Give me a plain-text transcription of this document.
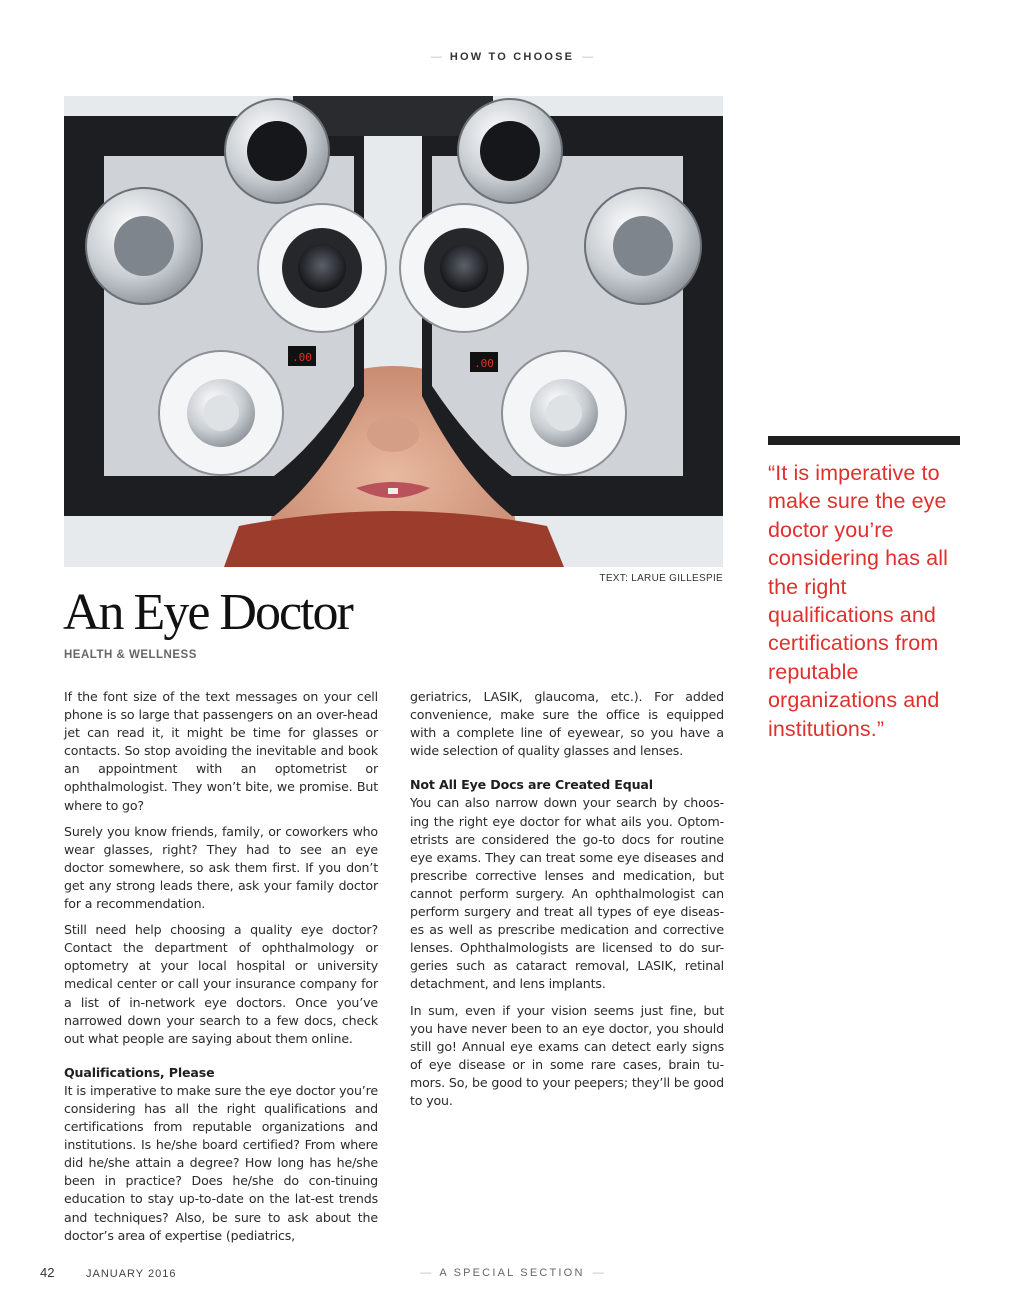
— HOW TO CHOOSE —
.00	.00
TEXT: LARUE GILLESPIE
An Eye Doctor
HEALTH & WELLNESS

If the font size of the text messages on your cell phone is so large that passengers on an over-head jet can read it, it might be time for glasses or contacts. So stop avoiding the inevitable and book an appointment with an optometrist or ophthalmologist. They won’t bite, we promise. But where to go?

Surely you know friends, family, or coworkers who wear glasses, right? They had to see an eye doctor somewhere, so ask them first. If you don’t get any strong leads there, ask your family doctor for a recommendation.

Still need help choosing a quality eye doctor? Contact the department of ophthalmology or optometry at your local hospital or university medical center or call your insurance company for a list of in-network eye doctors. Once you’ve narrowed down your search to a few docs, check out what people are saying about them online.

Qualifications, Please

It is imperative to make sure the eye doctor you’re considering has all the right qualifications and certifications from reputable organizations and institutions. Is he/she board certified? From where did he/she attain a degree? How long has he/she been in practice? Does he/she do con-tinuing education to stay up-to-date on the lat-est trends and techniques? Also, be sure to ask about the doctor’s area of expertise (pediatrics,

geriatrics, LASIK, glaucoma, etc.). For added convenience, make sure the office is equipped with a complete line of eyewear, so you have a wide selection of quality glasses and lenses.

Not All Eye Docs are Created Equal

You can also narrow down your search by choos-ing the right eye doctor for what ails you. Optom-etrists are considered the go-to docs for routine eye exams. They can treat some eye diseases and prescribe corrective lenses and medication, but cannot perform surgery. An ophthalmologist can perform surgery and treat all types of eye diseas-es as well as prescribe medication and corrective lenses. Ophthalmologists are licensed to do sur-geries such as cataract removal, LASIK, retinal detachment, and lens implants.

In sum, even if your vision seems just fine, but you have never been to an eye doctor, you should still go! Annual eye exams can detect early signs of eye disease or in some rare cases, brain tu-mors. So, be good to your peepers; they’ll be good to you.

“It is imperative to make sure the eye doctor you’re considering has all the right qualifications and certifications from reputable organizations and institutions.”
42	JANUARY 2016	— A SPECIAL SECTION —
